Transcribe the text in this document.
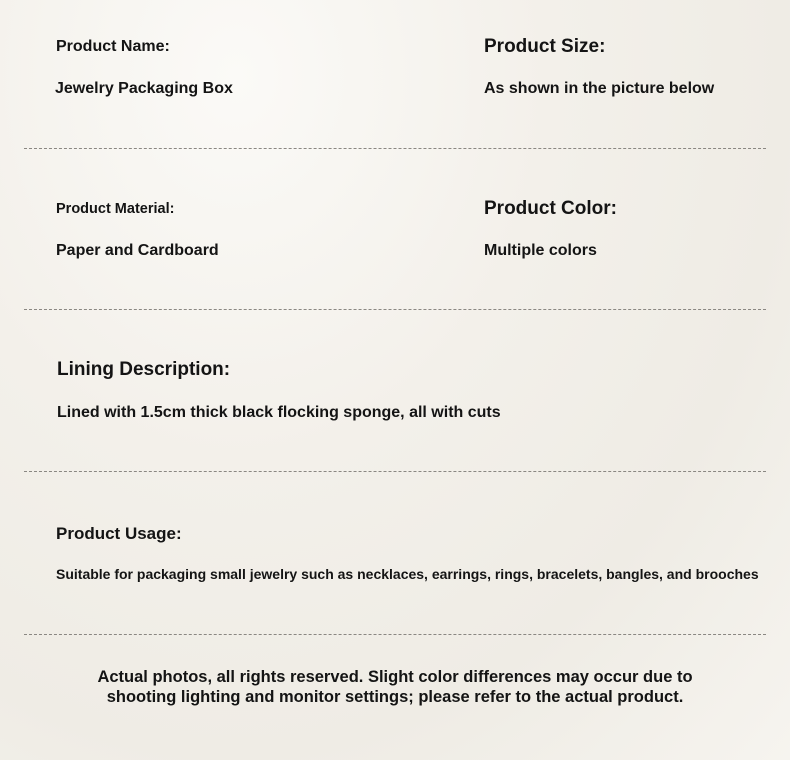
Product Name:

Jewelry Packaging Box

Product Size:

As shown in the picture below

Product Material:

Paper and Cardboard

Product Color:

Multiple colors

Lining Description:

Lined with 1.5cm thick black flocking sponge, all with cuts

Product Usage:

Suitable for packaging small jewelry such as necklaces, earrings, rings, bracelets, bangles, and brooches

Actual photos, all rights reserved. Slight color differences may occur due to shooting lighting and monitor settings; please refer to the actual product.
